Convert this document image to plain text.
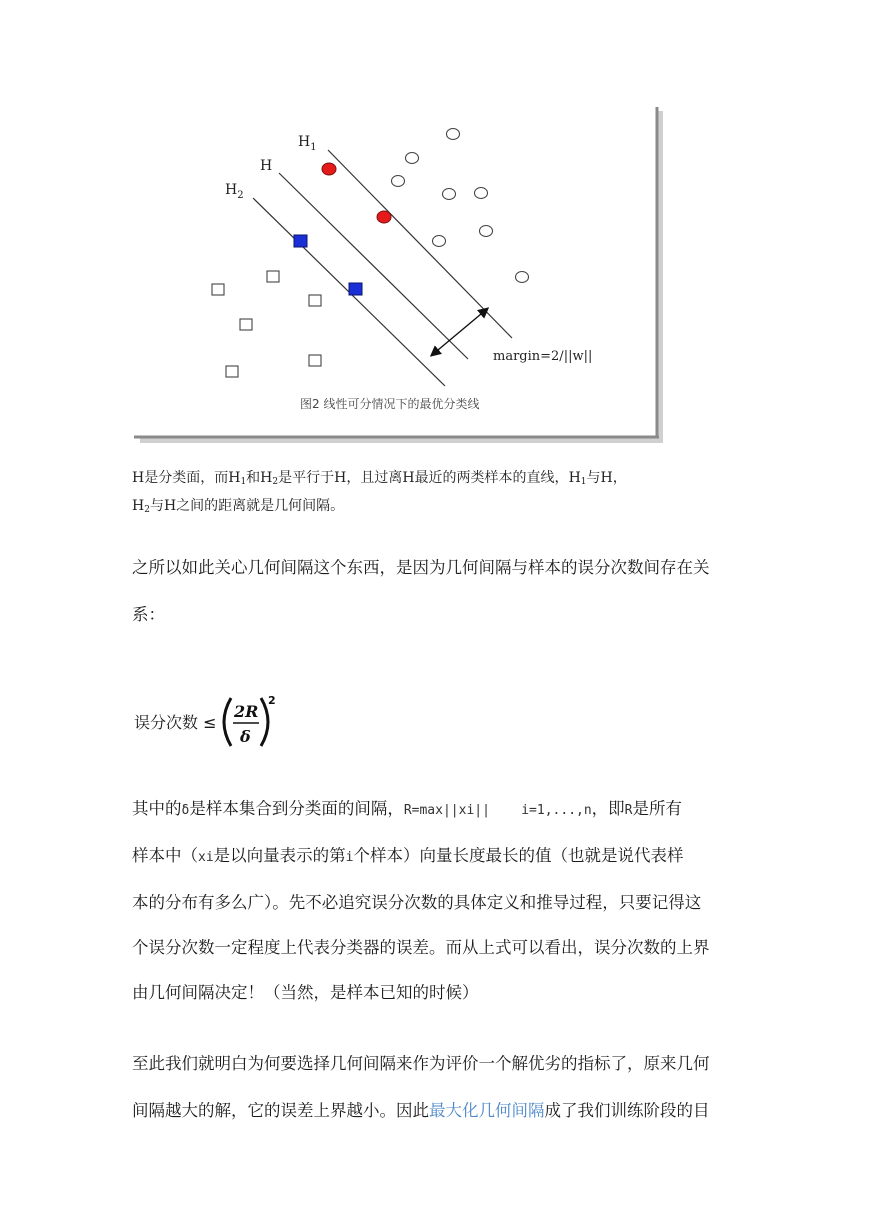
$H_1$
H
$H_2$
margin=2/||w||
图2 线性可分情况下的最优分类线
H是分类面，而$H_1$和$H_2$是平行于H，且过离H最近的两类样本的直线，$H_1$与H，
$H_2$与H之间的距离就是几何间隔。
之所以如此关心几何间隔这个东西，是因为几何间隔与样本的误分次数间存在关
系：
误分次数 ≤
2R
δ
2
其中的δ是样本集合到分类面的间隔，R=max||xi||    i=1,...,n，即R是所有
样本中（xi是以向量表示的第i个样本）向量长度最长的值（也就是说代表样
本的分布有多么广）。先不必追究误分次数的具体定义和推导过程，只要记得这
个误分次数一定程度上代表分类器的误差。而从上式可以看出，误分次数的上界
由几何间隔决定！（当然，是样本已知的时候）
至此我们就明白为何要选择几何间隔来作为评价一个解优劣的指标了，原来几何
间隔越大的解，它的误差上界越小。因此最大化几何间隔成了我们训练阶段的目
